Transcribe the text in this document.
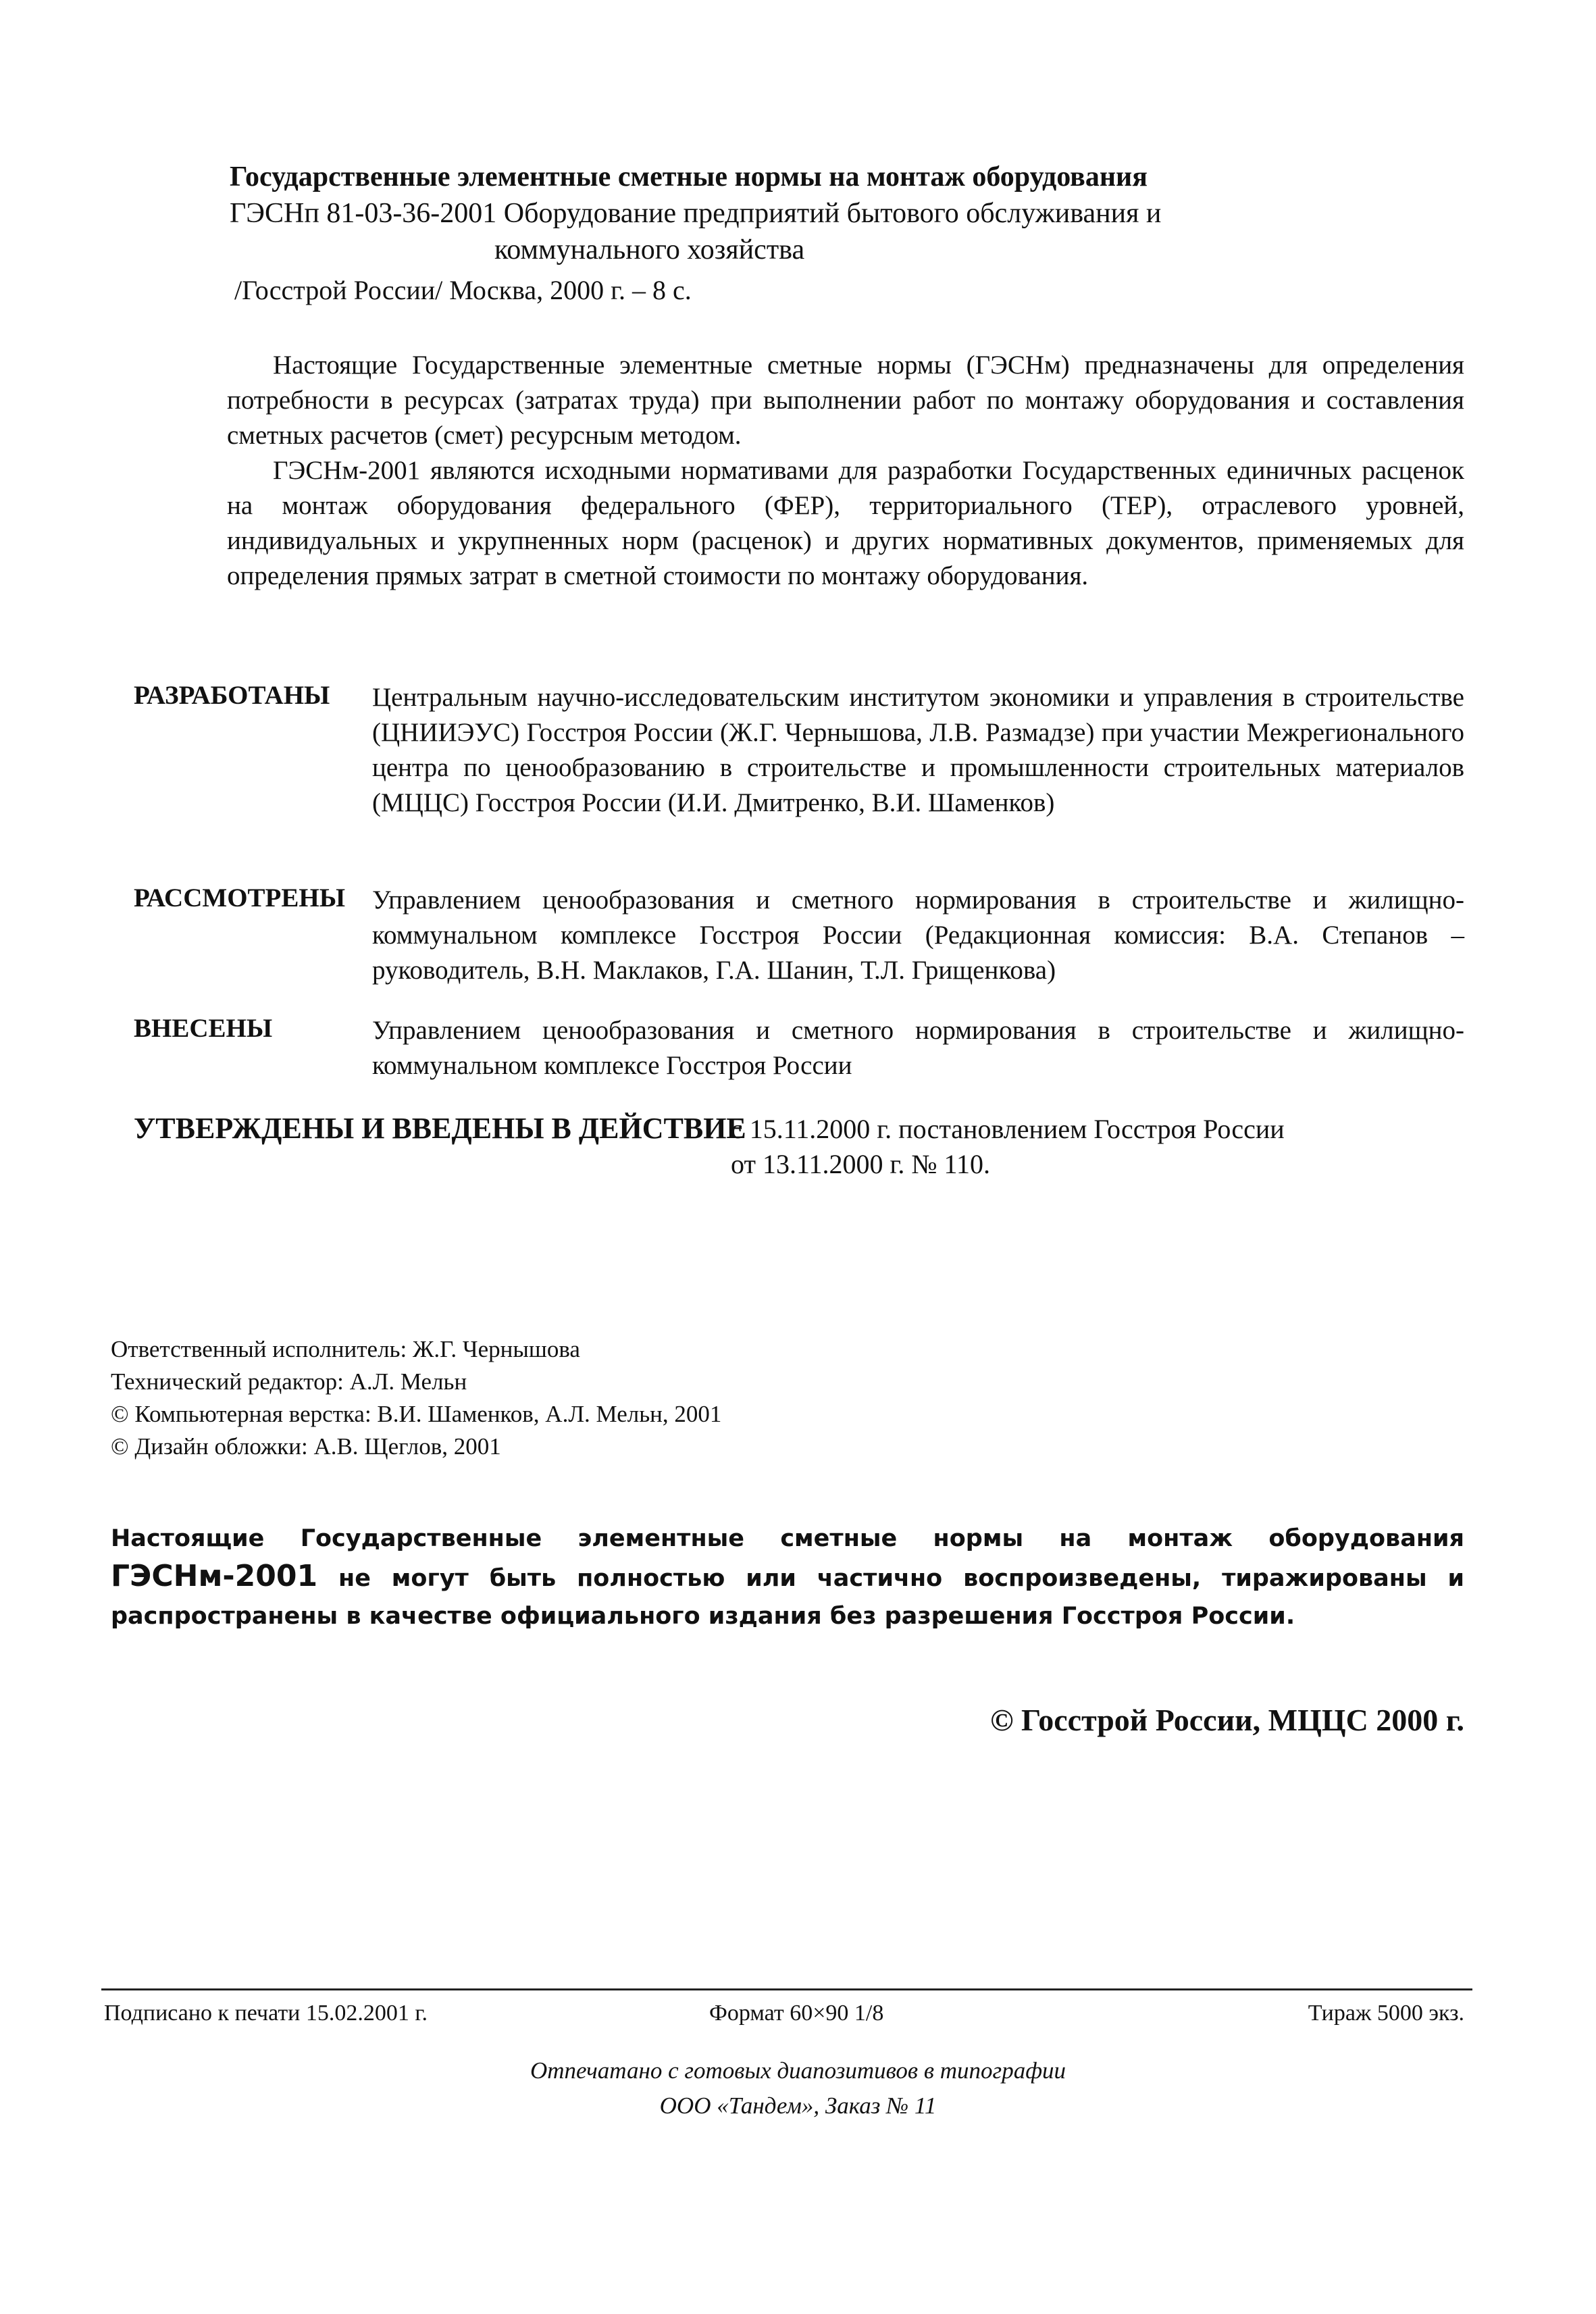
Государственные элементные сметные нормы на монтаж оборудования
ГЭСНп 81-03-36-2001 Оборудование предприятий бытового обслуживания и
коммунального хозяйства
/Госстрой России/ Москва, 2000 г. – 8 с.
Настоящие Государственные элементные сметные нормы (ГЭСНм) предназначены для определения потребности в ресурсах (затратах труда) при выполнении работ по монтажу оборудования и составления сметных расчетов (смет) ресурсным методом.
ГЭСНм-2001 являются исходными нормативами для разработки Государственных единичных расценок на монтаж оборудования федерального (ФЕР), территориального (ТЕР), отраслевого уровней, индивидуальных и укрупненных норм (расценок) и других нормативных документов, применяемых для определения прямых затрат в сметной стоимости по монтажу оборудования.
РАЗРАБОТАНЫ Центральным научно-исследовательским институтом экономики и управления в строительстве (ЦНИИЭУС) Госстроя России (Ж.Г. Чернышова, Л.В. Размадзе) при участии Межрегионального центра по ценообразованию в строительстве и промышленности строительных материалов (МЦЦС) Госстроя России (И.И. Дмитренко, В.И. Шаменков)
РАССМОТРЕНЫ Управлением ценообразования и сметного нормирования в строительстве и жилищно-коммунальном комплексе Госстроя России (Редакционная комиссия: В.А. Степанов – руководитель, В.Н. Маклаков, Г.А. Шанин, Т.Л. Грищенкова)
ВНЕСЕНЫ	Управлением ценообразования и сметного нормирования в строительстве и жилищно-коммунальном комплексе Госстроя России
УТВЕРЖДЕНЫ И ВВЕДЕНЫ В ДЕЙСТВИЕ
с 15.11.2000 г. постановлением Госстроя России
от 13.11.2000 г. № 110.
Ответственный исполнитель: Ж.Г. Чернышова
Технический редактор: А.Л. Мельн
© Компьютерная верстка: В.И. Шаменков, А.Л. Мельн, 2001
© Дизайн обложки: А.В. Щеглов, 2001
Настоящие Государственные элементные сметные нормы на монтаж оборудования ГЭСНм-2001 не могут быть полностью или частично воспроизведены, тиражированы и распространены в качестве официального издания без разрешения Госстроя России.
© Госстрой России, МЦЦС 2000 г.
Подписано к печати 15.02.2001 г.	Формат 60×90 1/8	Тираж 5000 экз.
Отпечатано с готовых диапозитивов в типографии
ООО «Тандем», Заказ № 11
